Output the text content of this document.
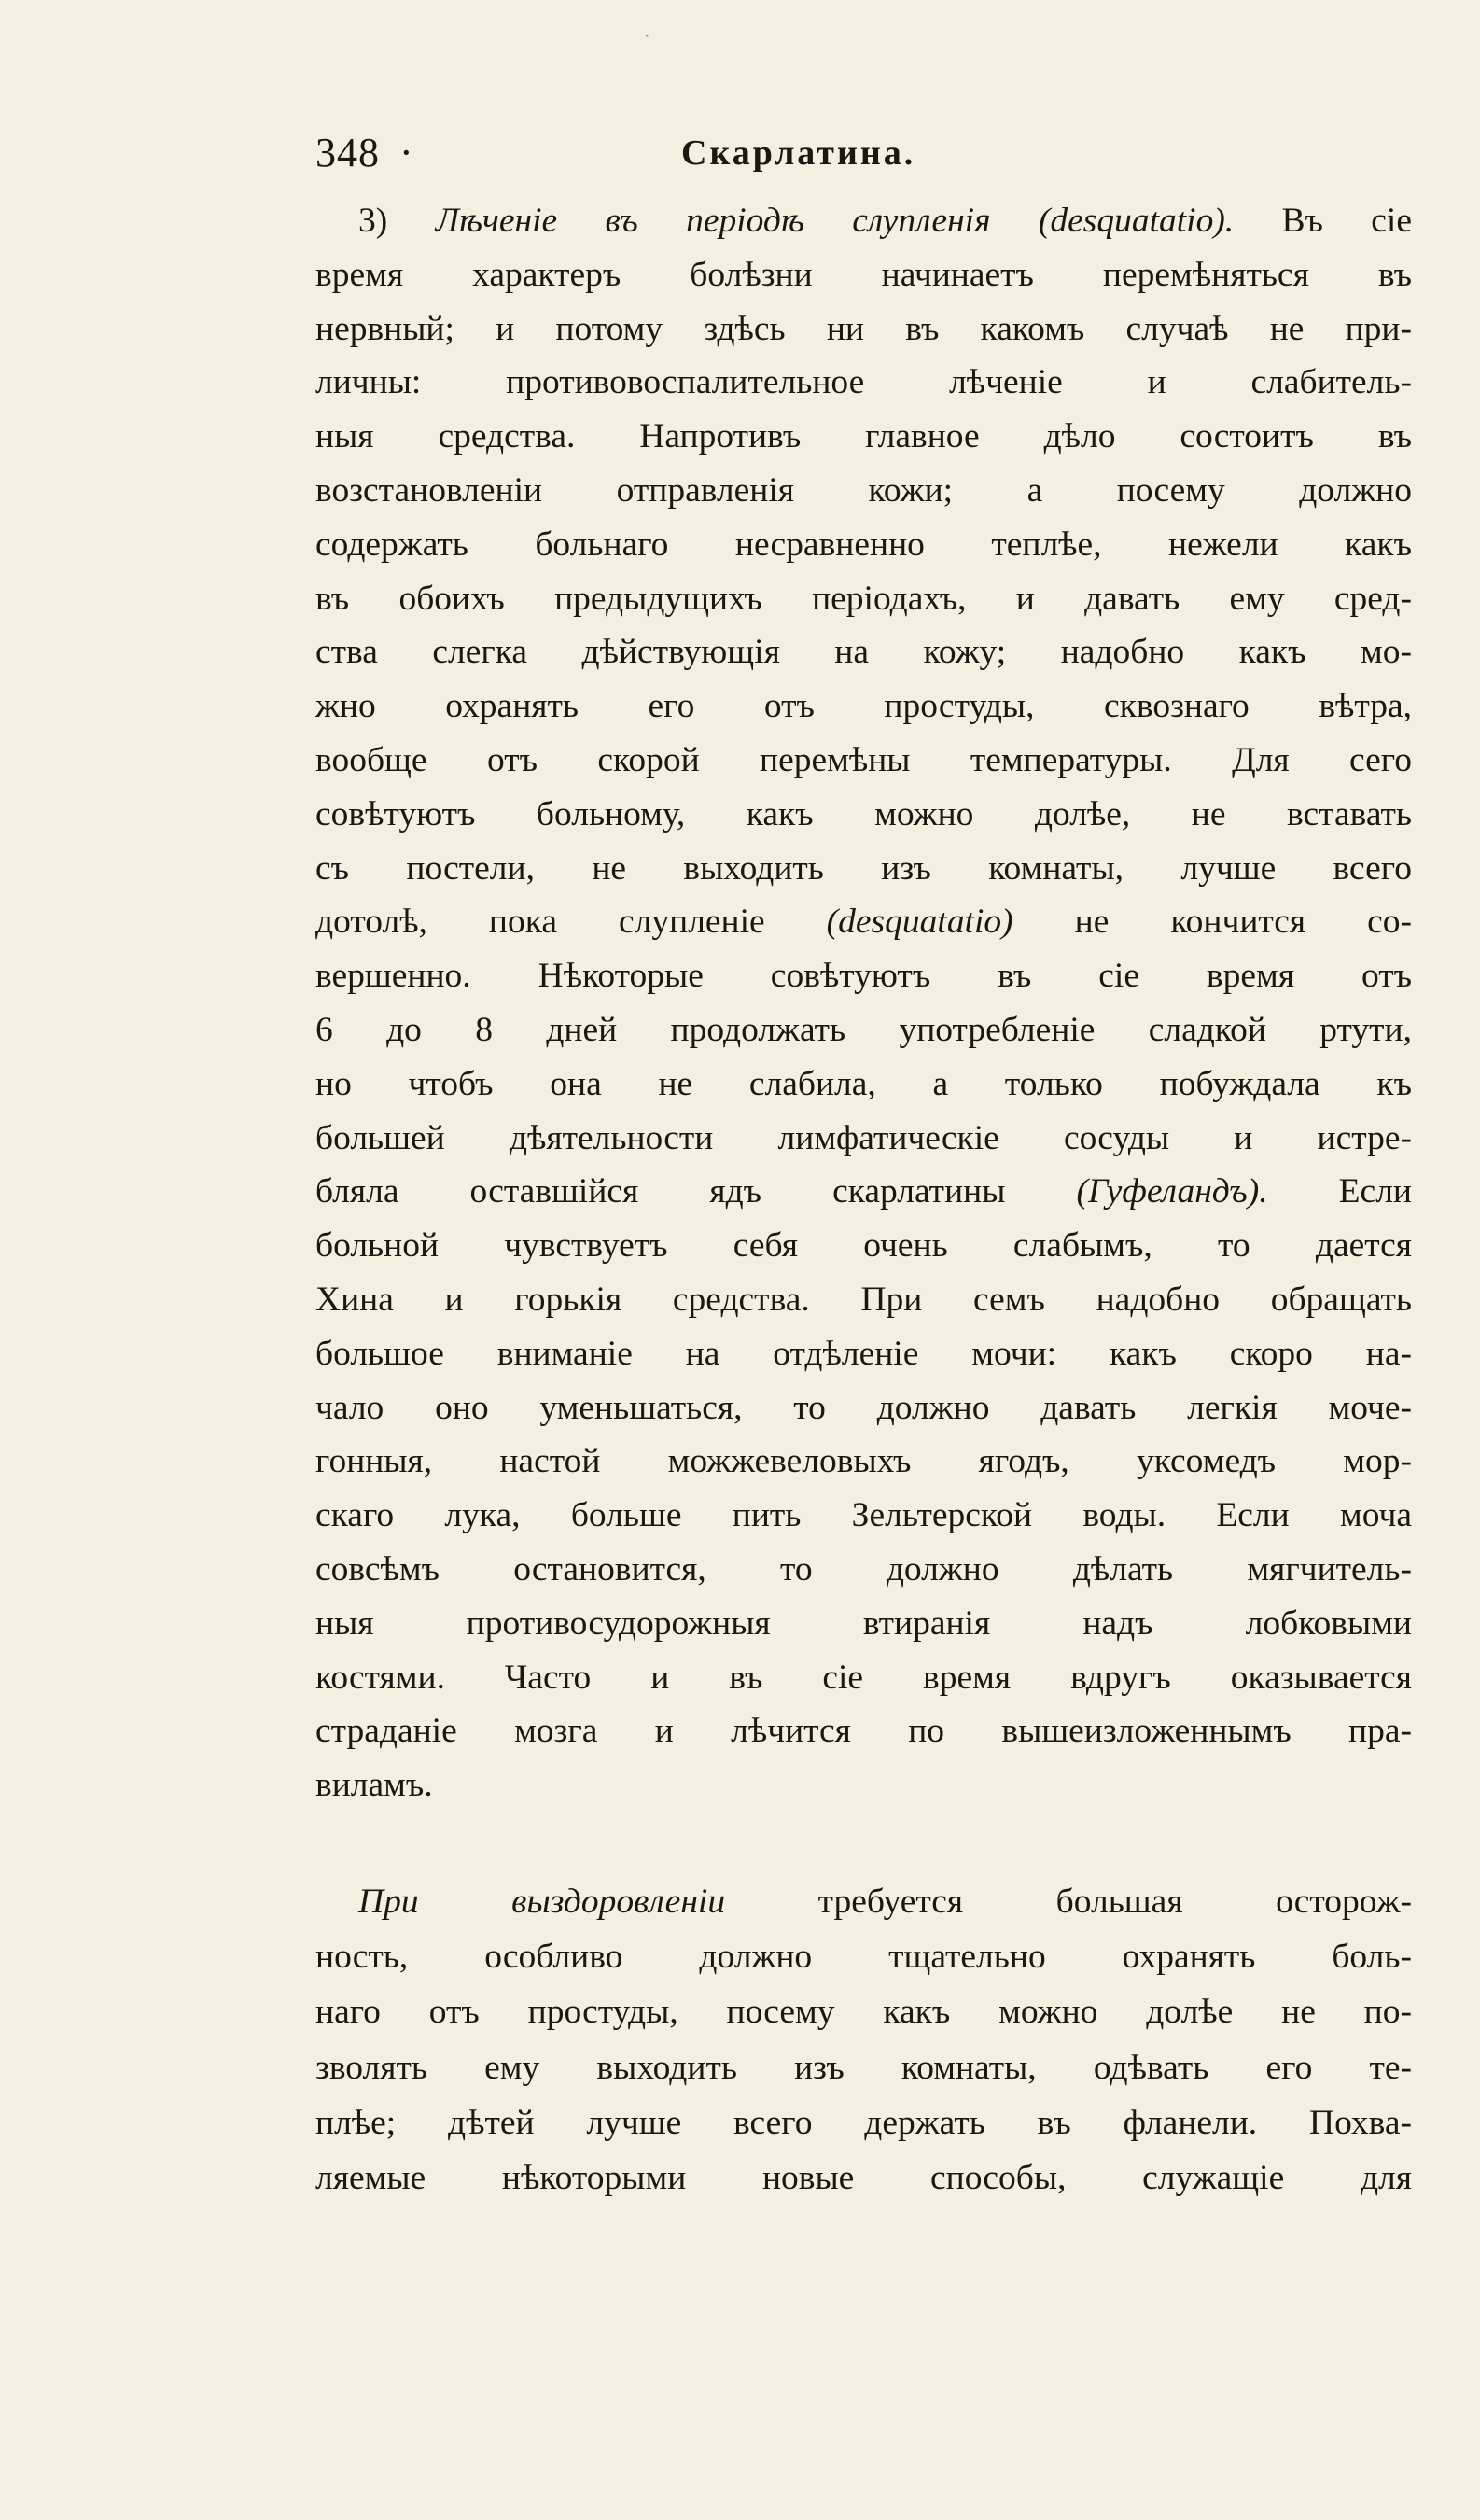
·
348 ·	Скарлатина.
3) Лѣченіе въ періодѣ слупленія (desquatatio). Въ сіе
время характеръ болѣзни начинаетъ перемѣняться въ
нервный; и потому здѣсь ни въ какомъ случаѣ не при-
личны: противовоспалительное лѣченіе и слабитель-
ныя средства. Напротивъ главное дѣло состоитъ въ
возстановленіи отправленія кожи; а посему должно
содержать больнаго несравненно теплѣе, нежели какъ
въ обоихъ предыдущихъ періодахъ, и давать ему сред-
ства слегка дѣйствующія на кожу; надобно какъ мо-
жно охранять его отъ простуды, сквознаго вѣтра,
вообще отъ скорой перемѣны температуры. Для сего
совѣтуютъ больному, какъ можно долѣе, не вставать
съ постели, не выходить изъ комнаты, лучше всего
дотолѣ, пока слупленіе (desquatatio) не кончится со-
вершенно. Нѣкоторые совѣтуютъ въ сіе время отъ
6 до 8 дней продолжать употребленіе сладкой ртути,
но чтобъ она не слабила, а только побуждала къ
большей дѣятельности лимфатическіе сосуды и истре-
бляла оставшійся ядъ скарлатины (Гуфеландъ). Если
больной чувствуетъ себя очень слабымъ, то дается
Хина и горькія средства. При семъ надобно обращать
большое вниманіе на отдѣленіе мочи: какъ скоро на-
чало оно уменьшаться, то должно давать легкія моче-
гонныя, настой можжевеловыхъ ягодъ, уксомедъ мор-
скаго лука, больше пить Зельтерской воды. Если моча
совсѣмъ остановится, то должно дѣлать мягчитель-
ныя противосудорожныя втиранія надъ лобковыми
костями. Часто и въ сіе время вдругъ оказывается
страданіе мозга и лѣчится по вышеизложеннымъ пра-
виламъ.
При выздоровленіи требуется большая осторож-
ность, особливо должно тщательно охранять боль-
наго отъ простуды, посему какъ можно долѣе не по-
зволять ему выходить изъ комнаты, одѣвать его те-
плѣе; дѣтей лучше всего держать въ фланели. Похва-
ляемые нѣкоторыми новые способы, служащіе для
